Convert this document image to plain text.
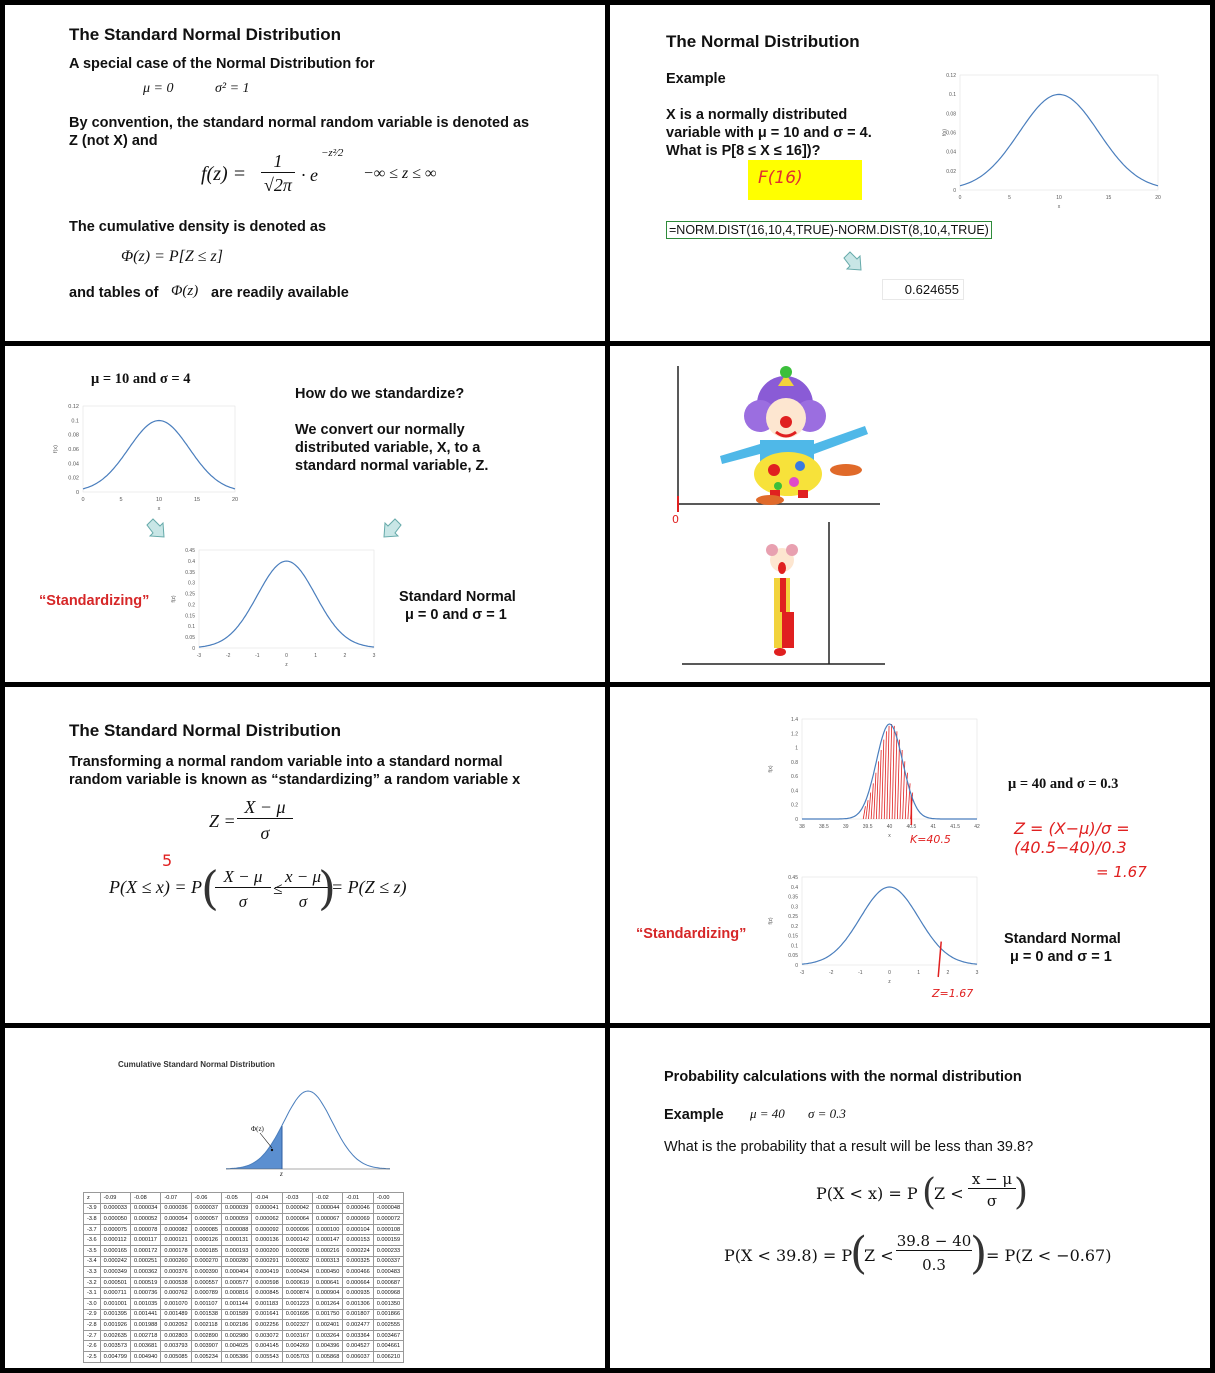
The Standard Normal Distribution
A special case of the Normal Distribution for
μ = 0	σ² = 1
By convention, the standard normal random variable is denoted as Z (not X) and
f(z) =
1
√2π · e
−z²⁄2
−∞ ≤ z ≤ ∞
The cumulative density is denoted as
Φ(z) = P[Z ≤ z]
and tables of Φ(z) are readily available
The Normal Distribution
Example
X is a normally distributed variable with μ = 10 and σ = 4. What is P[8 ≤ X ≤ 16])?
F(16)
0
0.02
0.04
0.06
0.08
0.1
0.12
0	5	10	15	20
x
f(x)
=NORM.DIST(16,10,4,TRUE)-NORM.DIST(8,10,4,TRUE)
0.624655
μ = 10 and σ = 4
0
0.02
0.04
0.06
0.08
0.1
0.12
0	5	10	15	20
x
f(x)
How do we standardize?
We convert our normally distributed variable, X, to a standard normal variable, Z.
“Standardizing”
0
0.05
0.1
0.15
0.2
0.25
0.3
0.35
0.4
0.45
-3	-2	-1	0	1	2	3
z
f(z)	Standard Normal
μ = 0 and σ = 1
0
The Standard Normal Distribution
Transforming a normal random variable into a standard normal random variable is known as “standardizing” a random variable x
Z =
X − μ
σ
5
P(X ≤ x) = P ( X − μ
σ
≤
x − μ
σ )
= P(Z ≤ z)
0
0.2
0.4
0.6
0.8
1
1.2
1.4
38	38.5	39	39.5	40	40.5	41	41.5	42
x
f(x)
K=40.5
μ = 40 and σ = 0.3
Z = (X−μ)/σ = (40.5−40)/0.3
= 1.67
“Standardizing”
0
0.05
0.1
0.15
0.2
0.25
0.3
0.35
0.4
0.45
-3	-2	-1	0	1	2	3
z
f(z)
Z=1.67
Standard Normal
μ = 0 and σ = 1
Cumulative Standard Normal Distribution
Φ(z)
z
z	-0.09	-0.08	-0.07	-0.06	-0.05	-0.04	-0.03	-0.02	-0.01	-0.00
-3.9	0.000033	0.000034	0.000036	0.000037	0.000039	0.000041	0.000042	0.000044	0.000046	0.000048
-3.8	0.000050	0.000052	0.000054	0.000057	0.000059	0.000062	0.000064	0.000067	0.000069	0.000072
-3.7	0.000075	0.000078	0.000082	0.000085	0.000088	0.000092	0.000096	0.000100	0.000104	0.000108
-3.6	0.000112	0.000117	0.000121	0.000126	0.000131	0.000136	0.000142	0.000147	0.000153	0.000159
-3.5	0.000165	0.000172	0.000178	0.000185	0.000193	0.000200	0.000208	0.000216	0.000224	0.000233
-3.4	0.000242	0.000251	0.000260	0.000270	0.000280	0.000291	0.000302	0.000313	0.000325	0.000337
-3.3	0.000349	0.000362	0.000376	0.000390	0.000404	0.000419	0.000434	0.000450	0.000466	0.000483
-3.2	0.000501	0.000519	0.000538	0.000557	0.000577	0.000598	0.000619	0.000641	0.000664	0.000687
-3.1	0.000711	0.000736	0.000762	0.000789	0.000816	0.000845	0.000874	0.000904	0.000935	0.000968
-3.0	0.001001	0.001035	0.001070	0.001107	0.001144	0.001183	0.001223	0.001264	0.001306	0.001350
-2.9	0.001395	0.001441	0.001489	0.001538	0.001589	0.001641	0.001695	0.001750	0.001807	0.001866
-2.8	0.001926	0.001988	0.002052	0.002118	0.002186	0.002256	0.002327	0.002401	0.002477	0.002555
-2.7	0.002635	0.002718	0.002803	0.002890	0.002980	0.003072	0.003167	0.003264	0.003364	0.003467
-2.6	0.003573	0.003681	0.003793	0.003907	0.004025	0.004145	0.004269	0.004396	0.004527	0.004661
-2.5	0.004799	0.004940	0.005085	0.005234	0.005386	0.005543	0.005703	0.005868	0.006037	0.006210
Probability calculations with the normal distribution
Example μ = 40 σ = 0.3
What is the probability that a result will be less than 39.8?
P(X < x) = P (
Z <
x − μ
σ )
P(X < 39.8) = P
(
Z <
39.8 − 40
0.3 )
= P(Z < −0.67)
